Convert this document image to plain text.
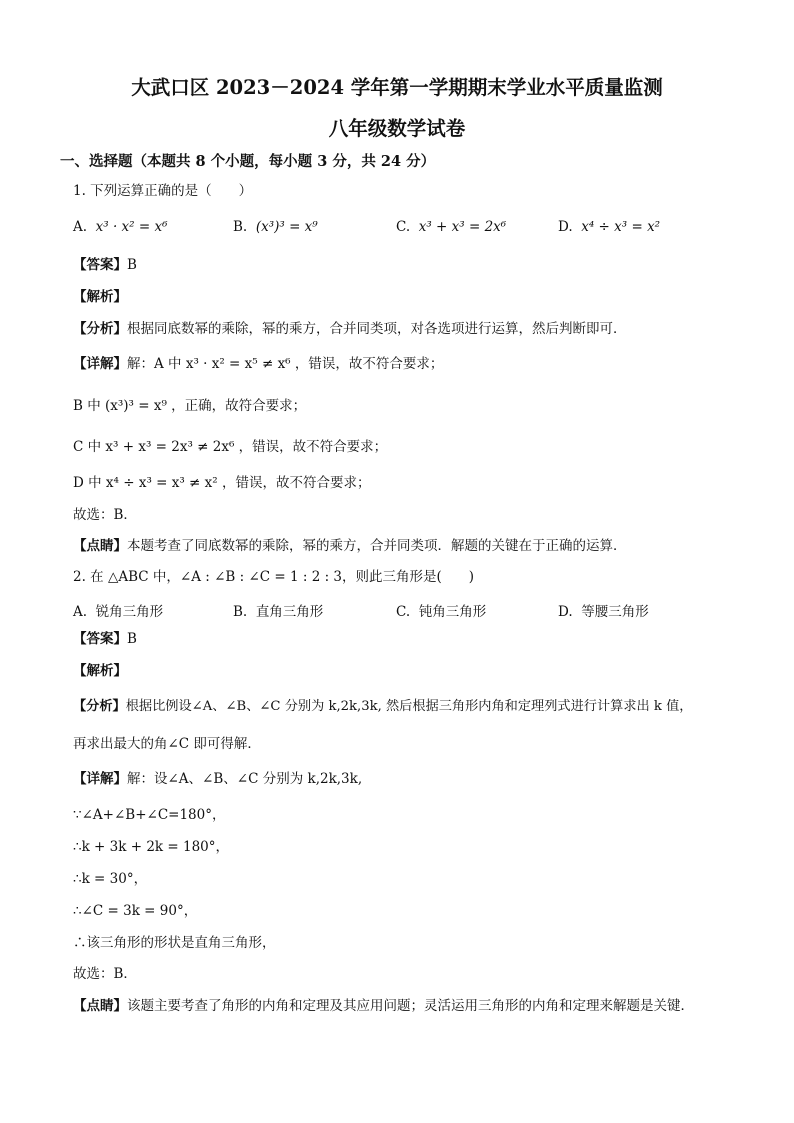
大武口区 2023－2024 学年第一学期期末学业水平质量监测
八年级数学试卷
一、选择题（本题共 8 个小题，每小题 3 分，共 24 分）
1. 下列运算正确的是（　　）
A. x³ · x² = x⁶	B. (x³)³ = x⁹	C. x³ + x³ = 2x⁶	D. x⁴ ÷ x³ = x²
【答案】B
【解析】
【分析】根据同底数幂的乘除，幂的乘方，合并同类项，对各选项进行运算，然后判断即可．
【详解】解：A 中 x³ · x² = x⁵ ≠ x⁶ ，错误，故不符合要求；
B 中 (x³)³ = x⁹ ，正确，故符合要求；
C 中 x³ + x³ = 2x³ ≠ 2x⁶ ，错误，故不符合要求；
D 中 x⁴ ÷ x³ = x³ ≠ x² ，错误，故不符合要求；
故选：B．
【点睛】本题考查了同底数幂的乘除，幂的乘方，合并同类项．解题的关键在于正确的运算．
2. 在 △ABC 中，∠A : ∠B : ∠C = 1 : 2 : 3，则此三角形是(　　)
A. 锐角三角形	B. 直角三角形	C. 钝角三角形	D. 等腰三角形
【答案】B
【解析】
【分析】根据比例设∠A、∠B、∠C 分别为 k,2k,3k, 然后根据三角形内角和定理列式进行计算求出 k 值，
再求出最大的角∠C 即可得解．
【详解】解：设∠A、∠B、∠C 分别为 k,2k,3k,
∵∠A+∠B+∠C=180°，
∴k + 3k + 2k = 180°，
∴k = 30°，
∴∠C = 3k = 90°，
∴该三角形的形状是直角三角形，
故选：B．
【点睛】该题主要考查了角形的内角和定理及其应用问题；灵活运用三角形的内角和定理来解题是关键．
